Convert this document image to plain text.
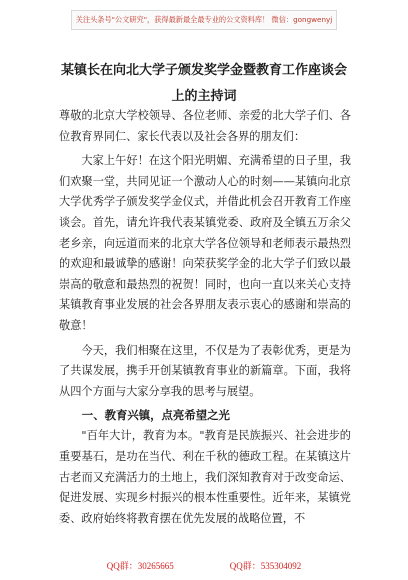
关注头条号"公文研究"，获得最新最全最专业的公文资料库！ 微信：gongwenyj
某镇长在向北大学子颁发奖学金暨教育工作座谈会上的主持词

尊敬的北京大学校领导、各位老师、亲爱的北大学子们、各位教育界同仁、家长代表以及社会各界的朋友们：

大家上午好！在这个阳光明媚、充满希望的日子里，我们欢聚一堂，共同见证一个激动人心的时刻——某镇向北京大学优秀学子颁发奖学金仪式，并借此机会召开教育工作座谈会。首先，请允许我代表某镇党委、政府及全镇五万余父老乡亲，向远道而来的北京大学各位领导和老师表示最热烈的欢迎和最诚挚的感谢！向荣获奖学金的北大学子们致以最崇高的敬意和最热烈的祝贺！同时，也向一直以来关心支持某镇教育事业发展的社会各界朋友表示衷心的感谢和崇高的敬意！

今天，我们相聚在这里，不仅是为了表彰优秀，更是为了共谋发展，携手开创某镇教育事业的新篇章。下面，我将从四个方面与大家分享我的思考与展望。

一、教育兴镇，点亮希望之光

"百年大计，教育为本。"教育是民族振兴、社会进步的重要基石，是功在当代、利在千秋的德政工程。在某镇这片古老而又充满活力的土地上，我们深知教育对于改变命运、促进发展、实现乡村振兴的根本性重要性。近年来，某镇党委、政府始终将教育摆在优先发展的战略位置，不

QQ群：30265665	QQ群：535304092
